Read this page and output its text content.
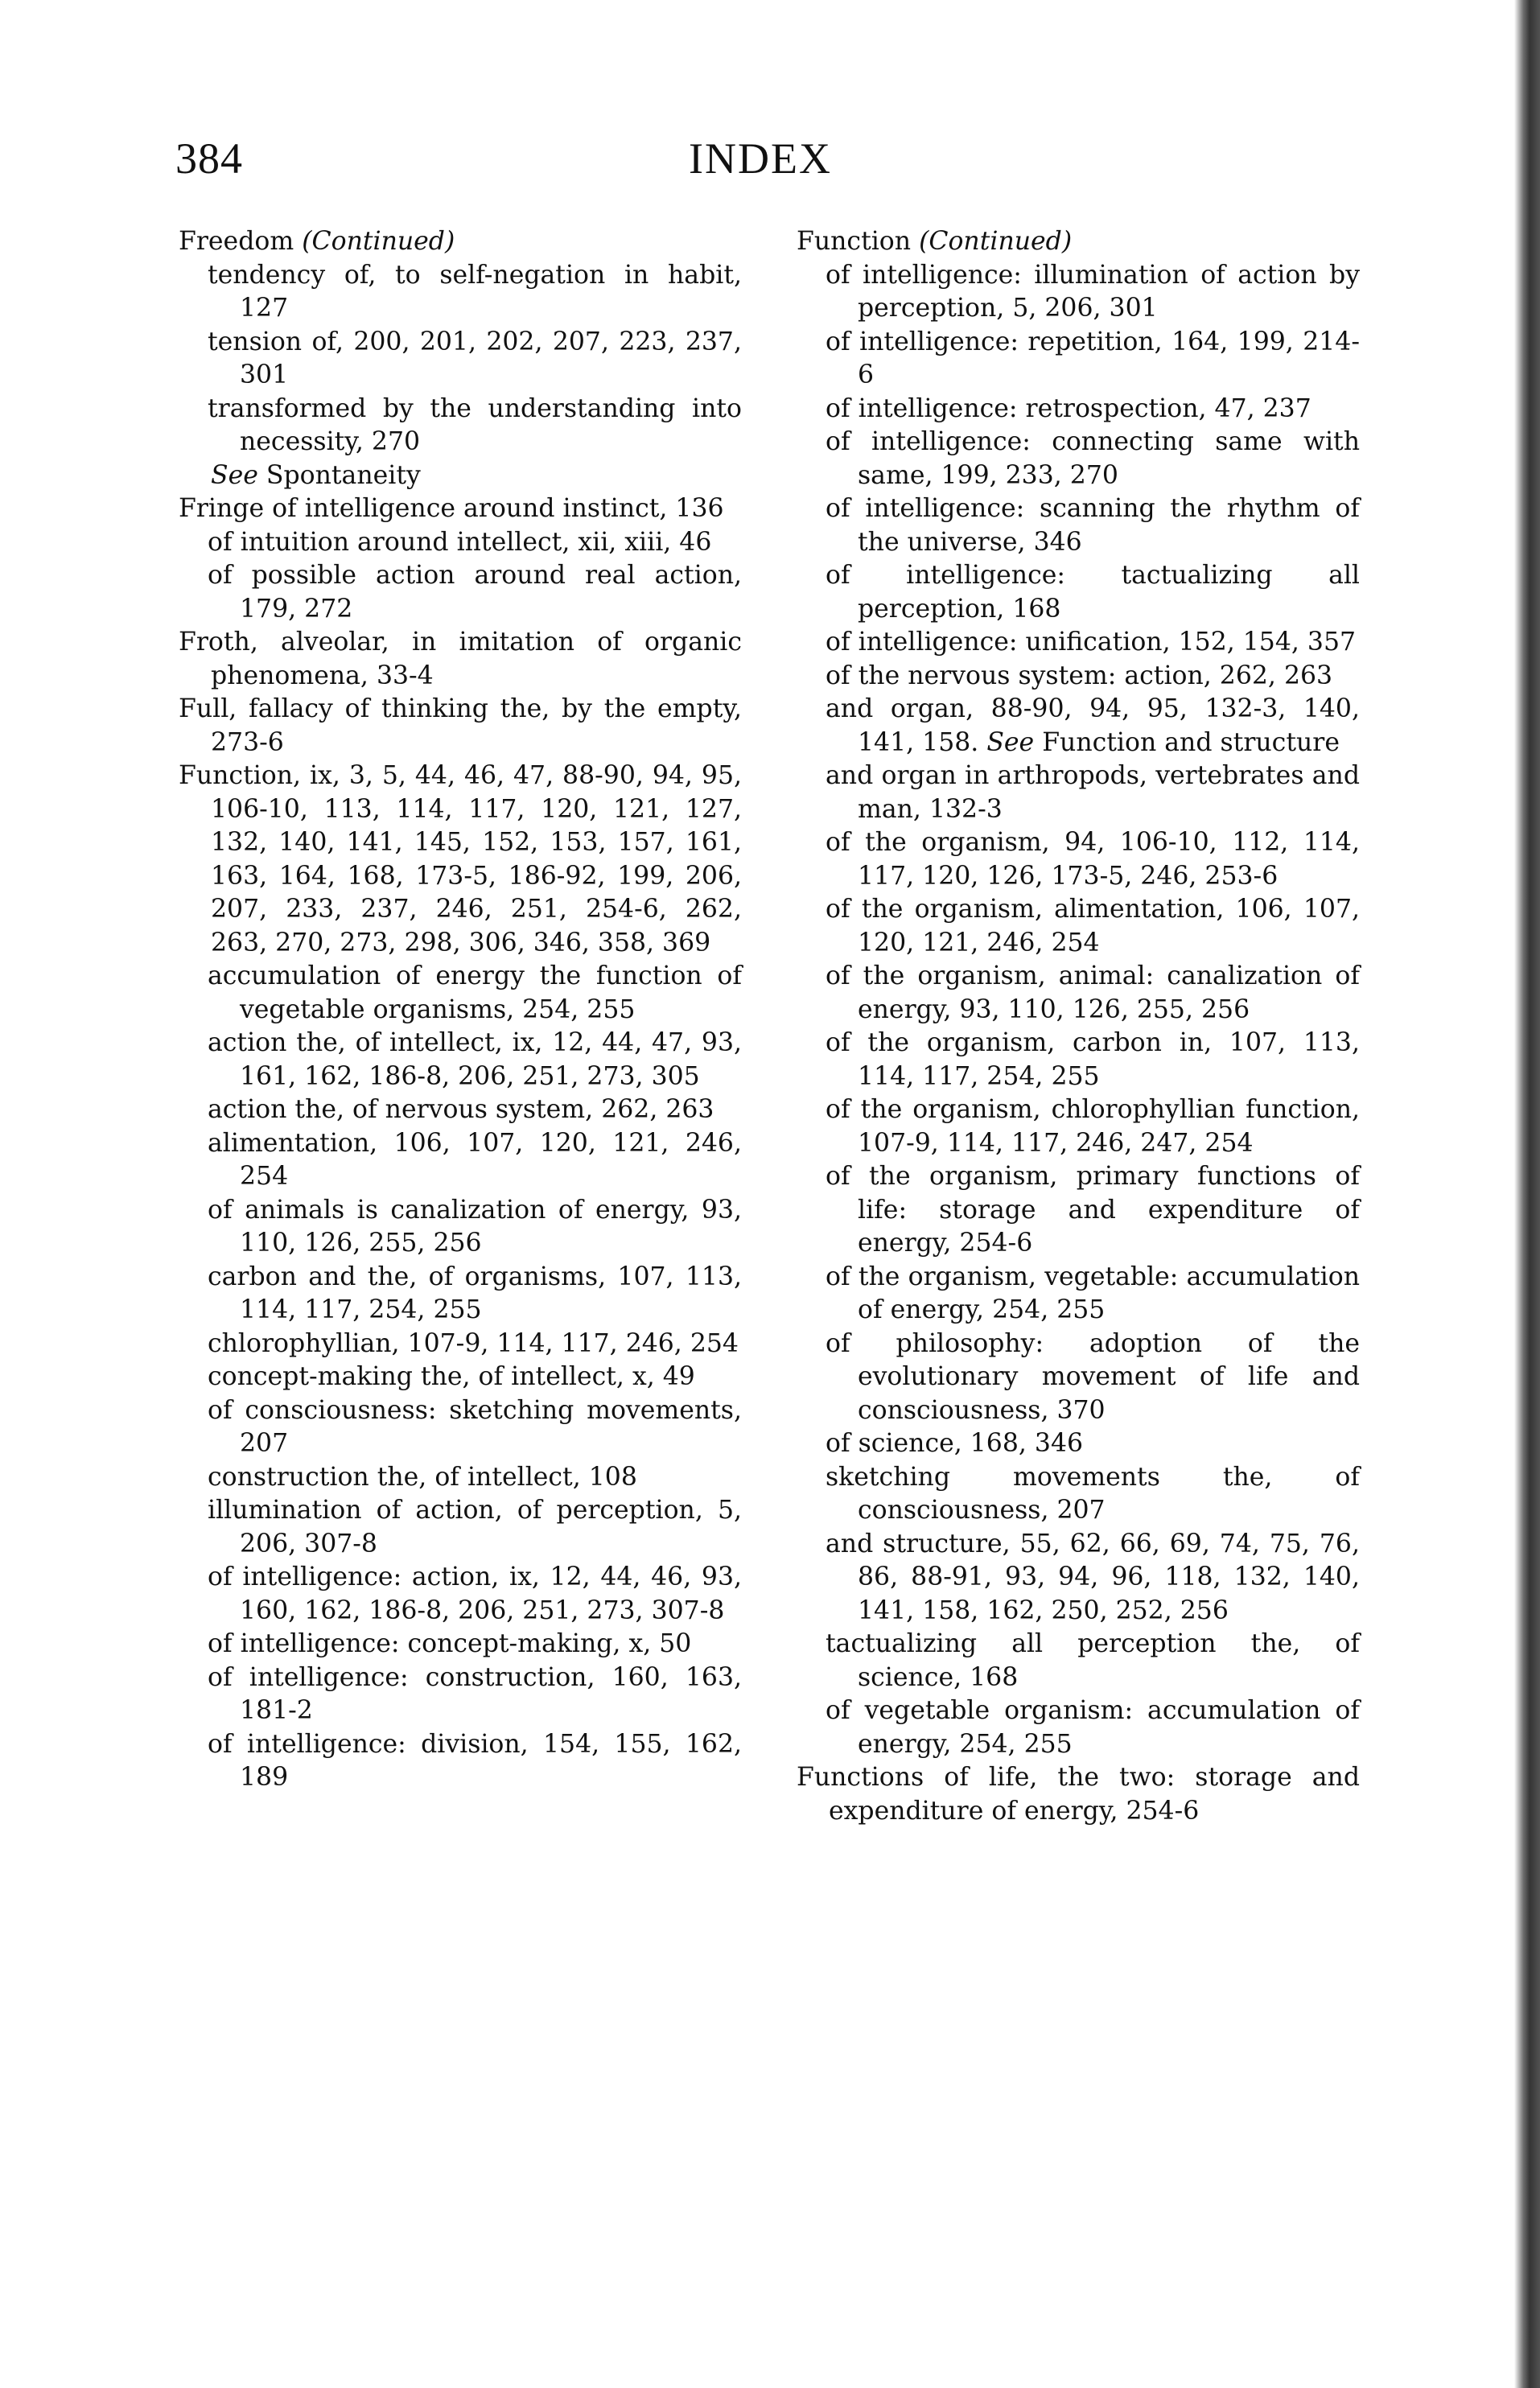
384	INDEX
Freedom (Continued)
tendency of, to self-negation in habit, 127
tension of, 200, 201, 202, 207, 223, 237, 301
transformed by the understanding into necessity, 270
See Spontaneity
Fringe of intelligence around instinct, 136
of intuition around intellect, xii, xiii, 46
of possible action around real action, 179, 272
Froth, alveolar, in imitation of organic phenomena, 33-4
Full, fallacy of thinking the, by the empty, 273-6
Function, ix, 3, 5, 44, 46, 47, 88-90, 94, 95, 106-10, 113, 114, 117, 120, 121, 127, 132, 140, 141, 145, 152, 153, 157, 161, 163, 164, 168, 173-5, 186-92, 199, 206, 207, 233, 237, 246, 251, 254-6, 262, 263, 270, 273, 298, 306, 346, 358, 369
accumulation of energy the function of vegetable organisms, 254, 255
action the, of intellect, ix, 12, 44, 47, 93, 161, 162, 186-8, 206, 251, 273, 305
action the, of nervous system, 262, 263
alimentation, 106, 107, 120, 121, 246, 254
of animals is canalization of energy, 93, 110, 126, 255, 256
carbon and the, of organisms, 107, 113, 114, 117, 254, 255
chlorophyllian, 107-9, 114, 117, 246, 254
concept-making the, of intellect, x, 49
of consciousness: sketching movements, 207
construction the, of intellect, 108
illumination of action, of perception, 5, 206, 307-8
of intelligence: action, ix, 12, 44, 46, 93, 160, 162, 186-8, 206, 251, 273, 307-8
of intelligence: concept-making, x, 50
of intelligence: construction, 160, 163, 181-2
of intelligence: division, 154, 155, 162, 189
Function (Continued)
of intelligence: illumination of action by perception, 5, 206, 301
of intelligence: repetition, 164, 199, 214-6
of intelligence: retrospection, 47, 237
of intelligence: connecting same with same, 199, 233, 270
of intelligence: scanning the rhythm of the universe, 346
of intelligence: tactualizing all perception, 168
of intelligence: unification, 152, 154, 357
of the nervous system: action, 262, 263
and organ, 88-90, 94, 95, 132-3, 140, 141, 158. See Function and structure
and organ in arthropods, vertebrates and man, 132-3
of the organism, 94, 106-10, 112, 114, 117, 120, 126, 173-5, 246, 253-6
of the organism, alimentation, 106, 107, 120, 121, 246, 254
of the organism, animal: canalization of energy, 93, 110, 126, 255, 256
of the organism, carbon in, 107, 113, 114, 117, 254, 255
of the organism, chlorophyllian function, 107-9, 114, 117, 246, 247, 254
of the organism, primary functions of life: storage and expenditure of energy, 254-6
of the organism, vegetable: accumulation of energy, 254, 255
of philosophy: adoption of the evolutionary movement of life and consciousness, 370
of science, 168, 346
sketching movements the, of consciousness, 207
and structure, 55, 62, 66, 69, 74, 75, 76, 86, 88-91, 93, 94, 96, 118, 132, 140, 141, 158, 162, 250, 252, 256
tactualizing all perception the, of science, 168
of vegetable organism: accumulation of energy, 254, 255
Functions of life, the two: storage and expenditure of energy, 254-6
